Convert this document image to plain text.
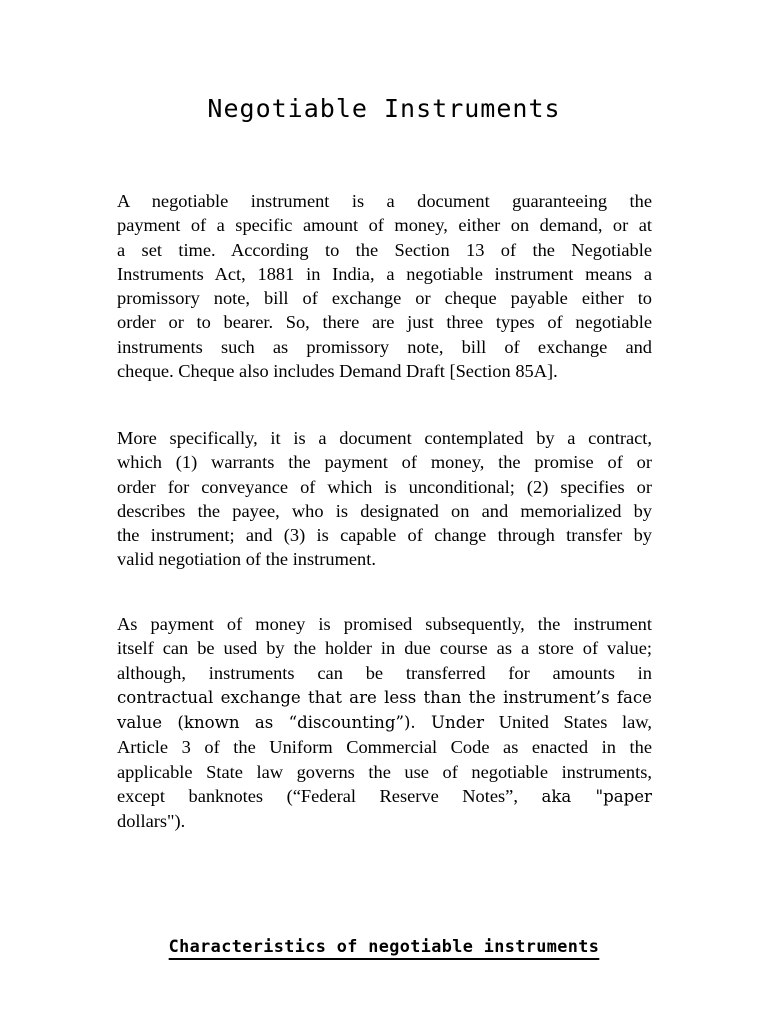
Negotiable Instruments

A negotiable instrument is a document guaranteeing the
payment of a specific amount of money, either on demand, or at
a set time. According to the Section 13 of the Negotiable
Instruments Act, 1881 in India, a negotiable instrument means a
promissory note, bill of exchange or cheque payable either to
order or to bearer. So, there are just three types of negotiable
instruments such as promissory note, bill of exchange and
cheque. Cheque also includes Demand Draft [Section 85A].

More specifically, it is a document contemplated by a contract,
which (1) warrants the payment of money, the promise of or
order for conveyance of which is unconditional; (2) specifies or
describes the payee, who is designated on and memorialized by
the instrument; and (3) is capable of change through transfer by
valid negotiation of the instrument.

As payment of money is promised subsequently, the instrument
itself can be used by the holder in due course as a store of value;
although, instruments can be transferred for amounts in
contractual exchange that are less than the instrument’s face
value (known as “discounting”). Under United States law,
Article 3 of the Uniform Commercial Code as enacted in the
applicable State law governs the use of negotiable instruments,
except banknotes (“Federal Reserve Notes”, aka "paper
dollars").

Characteristics of negotiable instruments
